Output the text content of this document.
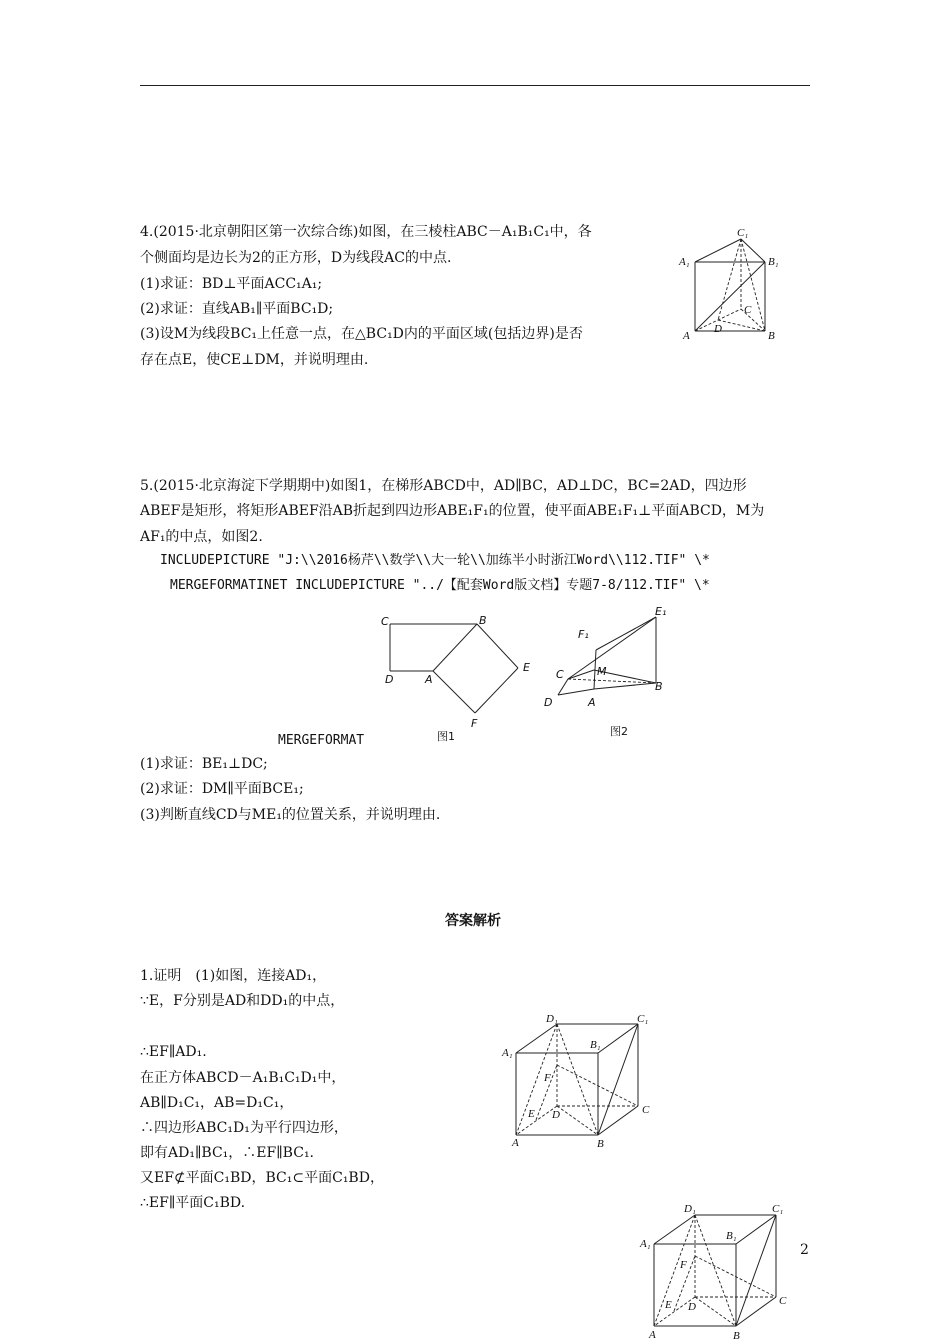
4.(2015·北京朝阳区第一次综合练)如图，在三棱柱ABC－A₁B₁C₁中，各
个侧面均是边长为2的正方形，D为线段AC的中点.
(1)求证：BD⊥平面ACC₁A₁;
(2)求证：直线AB₁∥平面BC₁D;
(3)设M为线段BC₁上任意一点，在△BC₁D内的平面区域(包括边界)是否
存在点E，使CE⊥DM，并说明理由.
C₁
A₁	B₁
C
A
D
B
5.(2015·北京海淀下学期期中)如图1，在梯形ABCD中，AD∥BC，AD⊥DC，BC=2AD，四边形
ABEF是矩形，将矩形ABEF沿AB折起到四边形ABE₁F₁的位置，使平面ABE₁F₁⊥平面ABCD，M为
AF₁的中点，如图2.
INCLUDEPICTURE "J:\\2016杨芹\\数学\\大一轮\\加练半小时浙江Word\\112.TIF" \*
MERGEFORMATINET INCLUDEPICTURE "../【配套Word版文档】专题7-8/112.TIF" \*
MERGEFORMAT
C	B
E
D	A
F
图1
E₁
F₁
M
C
B
D	A
图2
(1)求证：BE₁⊥DC;
(2)求证：DM∥平面BCE₁;
(3)判断直线CD与ME₁的位置关系，并说明理由.
答案解析
1.证明　(1)如图，连接AD₁，
∵E，F分别是AD和DD₁的中点，
∴EF∥AD₁.
在正方体ABCD－A₁B₁C₁D₁中，
AB∥D₁C₁，AB=D₁C₁，
∴四边形ABC₁D₁为平行四边形，
即有AD₁∥BC₁，∴EF∥BC₁.
又EF⊄平面C₁BD，BC₁⊂平面C₁BD，
∴EF∥平面C₁BD.
D₁	C₁
A₁
B₁
F
E D	C
A	B
D₁	C₁
A₁
B₁
F
E D	C
A	B
2
